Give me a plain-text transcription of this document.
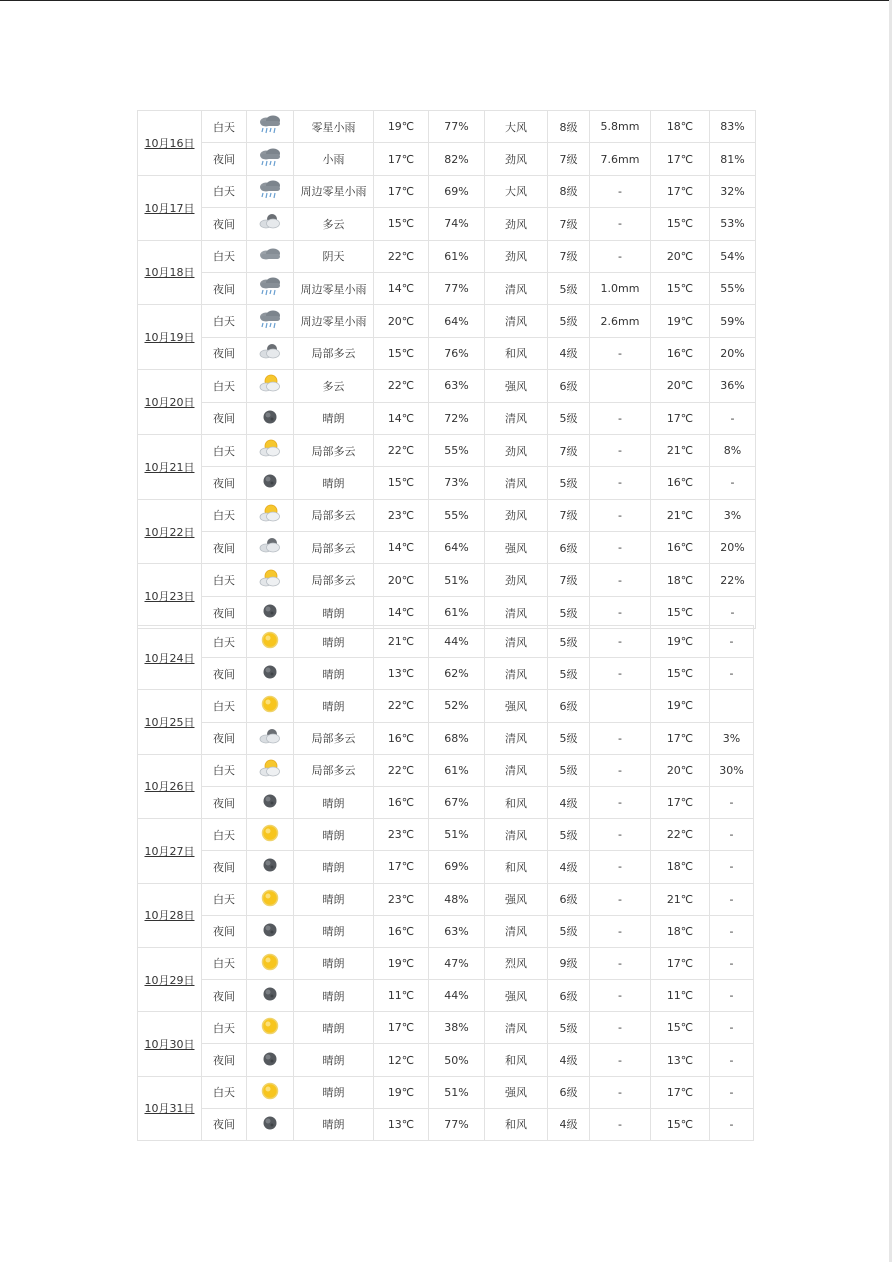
10月16日	白天		零星小雨	19℃	77%	大风	8级	5.8mm	18℃	83%
	夜间		小雨	17℃	82%	劲风	7级	7.6mm	17℃	81%
10月17日	白天		周边零星小雨	17℃	69%	大风	8级	-	17℃	32%
	夜间		多云	15℃	74%	劲风	7级	-	15℃	53%
10月18日	白天		阴天	22℃	61%	劲风	7级	-	20℃	54%
	夜间		周边零星小雨	14℃	77%	清风	5级	1.0mm	15℃	55%
10月19日	白天		周边零星小雨	20℃	64%	清风	5级	2.6mm	19℃	59%
	夜间		局部多云	15℃	76%	和风	4级	-	16℃	20%
10月20日	白天		多云	22℃	63%	强风	6级		20℃	36%
	夜间		晴朗	14℃	72%	清风	5级	-	17℃	-
10月21日	白天		局部多云	22℃	55%	劲风	7级	-	21℃	8%
	夜间		晴朗	15℃	73%	清风	5级	-	16℃	-
10月22日	白天		局部多云	23℃	55%	劲风	7级	-	21℃	3%
	夜间		局部多云	14℃	64%	强风	6级	-	16℃	20%
10月23日	白天		局部多云	20℃	51%	劲风	7级	-	18℃	22%
	夜间		晴朗	14℃	61%	清风	5级	-	15℃	-
10月24日	白天		晴朗	21℃	44%	清风	5级	-	19℃	-
	夜间		晴朗	13℃	62%	清风	5级	-	15℃	-
10月25日	白天		晴朗	22℃	52%	强风	6级		19℃	
	夜间		局部多云	16℃	68%	清风	5级	-	17℃	3%
10月26日	白天		局部多云	22℃	61%	清风	5级	-	20℃	30%
	夜间		晴朗	16℃	67%	和风	4级	-	17℃	-
10月27日	白天		晴朗	23℃	51%	清风	5级	-	22℃	-
	夜间		晴朗	17℃	69%	和风	4级	-	18℃	-
10月28日	白天		晴朗	23℃	48%	强风	6级	-	21℃	-
	夜间		晴朗	16℃	63%	清风	5级	-	18℃	-
10月29日	白天		晴朗	19℃	47%	烈风	9级	-	17℃	-
	夜间		晴朗	11℃	44%	强风	6级	-	11℃	-
10月30日	白天		晴朗	17℃	38%	清风	5级	-	15℃	-
	夜间		晴朗	12℃	50%	和风	4级	-	13℃	-
10月31日	白天		晴朗	19℃	51%	强风	6级	-	17℃	-
	夜间		晴朗	13℃	77%	和风	4级	-	15℃	-
